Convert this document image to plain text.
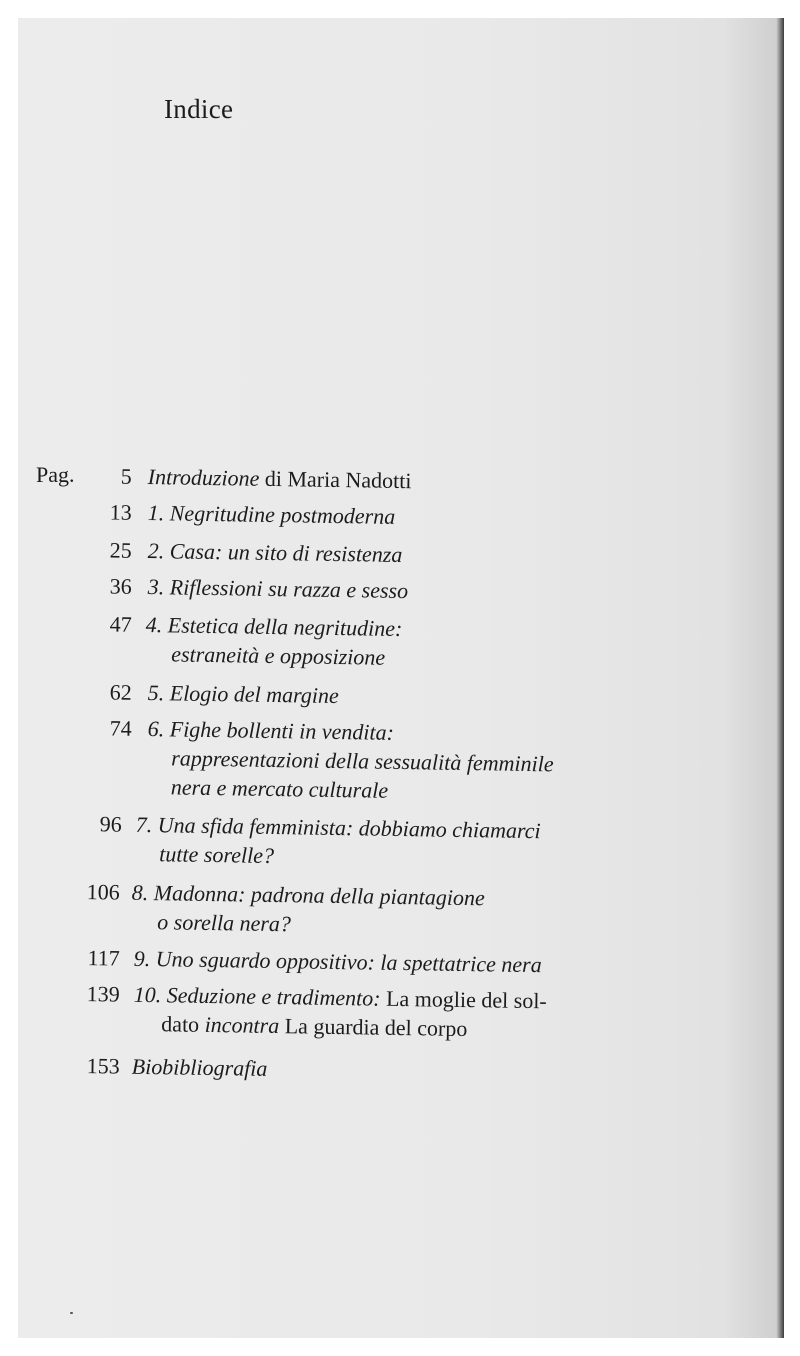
Indice
Pag.	5 Introduzione di Maria Nadotti
13 1. Negritudine postmoderna
25 2. Casa: un sito di resistenza
36 3. Riflessioni su razza e sesso
47 4. Estetica della negritudine:
estraneità e opposizione
62 5. Elogio del margine
74 6. Fighe bollenti in vendita:
rappresentazioni della sessualità femminile
nera e mercato culturale
96 7. Una sfida femminista: dobbiamo chiamarci
tutte sorelle?
106 8. Madonna: padrona della piantagione
o sorella nera?
117 9. Uno sguardo oppositivo: la spettatrice nera
139 10. Seduzione e tradimento: La moglie del sol-
dato incontra La guardia del corpo
153 Biobibliografia
